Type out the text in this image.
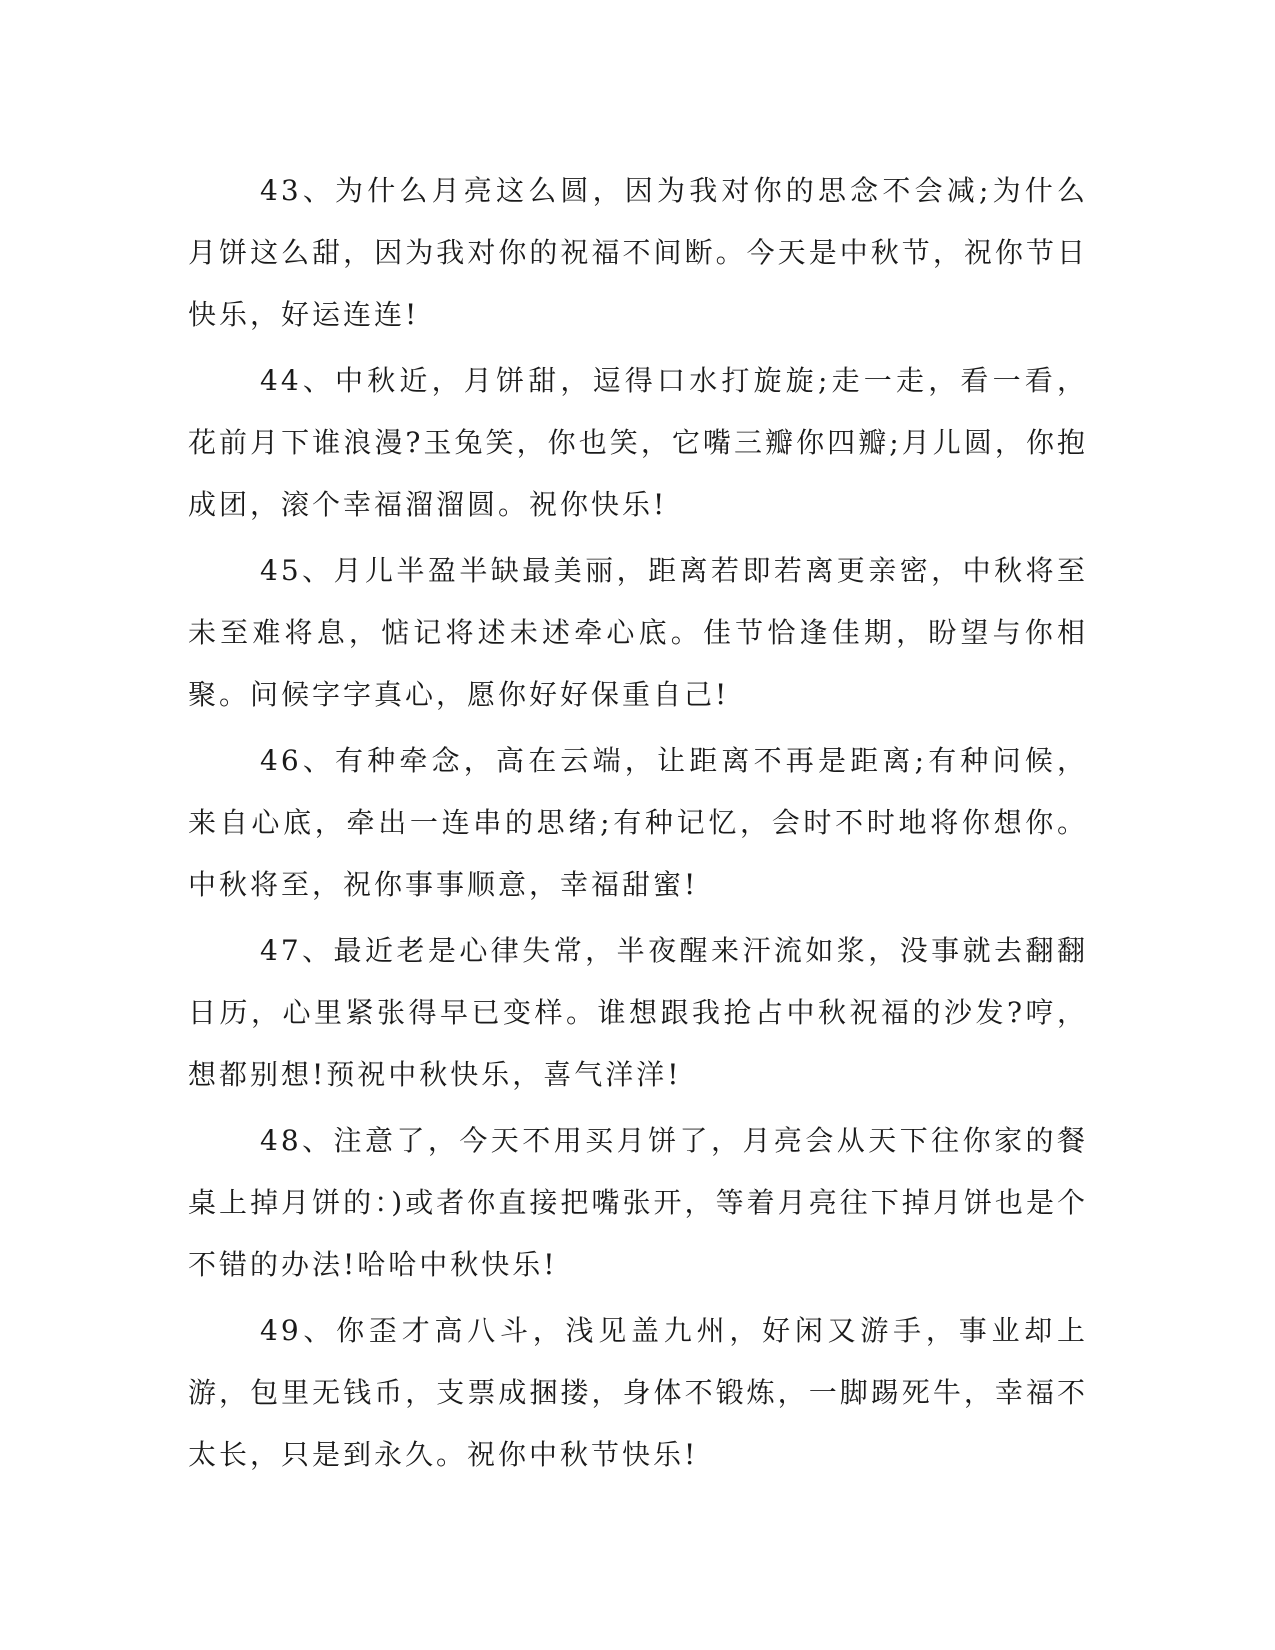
43、为什么月亮这么圆，因为我对你的思念不会减;为什么月饼这么甜，因为我对你的祝福不间断。今天是中秋节，祝你节日快乐，好运连连!

44、中秋近，月饼甜，逗得口水打旋旋;走一走，看一看，花前月下谁浪漫?玉兔笑，你也笑，它嘴三瓣你四瓣;月儿圆，你抱成团，滚个幸福溜溜圆。祝你快乐!

45、月儿半盈半缺最美丽，距离若即若离更亲密，中秋将至未至难将息，惦记将述未述牵心底。佳节恰逢佳期，盼望与你相聚。问候字字真心，愿你好好保重自己!

46、有种牵念，高在云端，让距离不再是距离;有种问候，来自心底，牵出一连串的思绪;有种记忆，会时不时地将你想你。中秋将至，祝你事事顺意，幸福甜蜜!

47、最近老是心律失常，半夜醒来汗流如浆，没事就去翻翻日历，心里紧张得早已变样。谁想跟我抢占中秋祝福的沙发?哼，想都别想!预祝中秋快乐，喜气洋洋!

48、注意了，今天不用买月饼了，月亮会从天下往你家的餐桌上掉月饼的：)或者你直接把嘴张开，等着月亮往下掉月饼也是个不错的办法!哈哈中秋快乐!

49、你歪才高八斗，浅见盖九州，好闲又游手，事业却上游，包里无钱币，支票成捆搂，身体不锻炼，一脚踢死牛，幸福不太长，只是到永久。祝你中秋节快乐!
